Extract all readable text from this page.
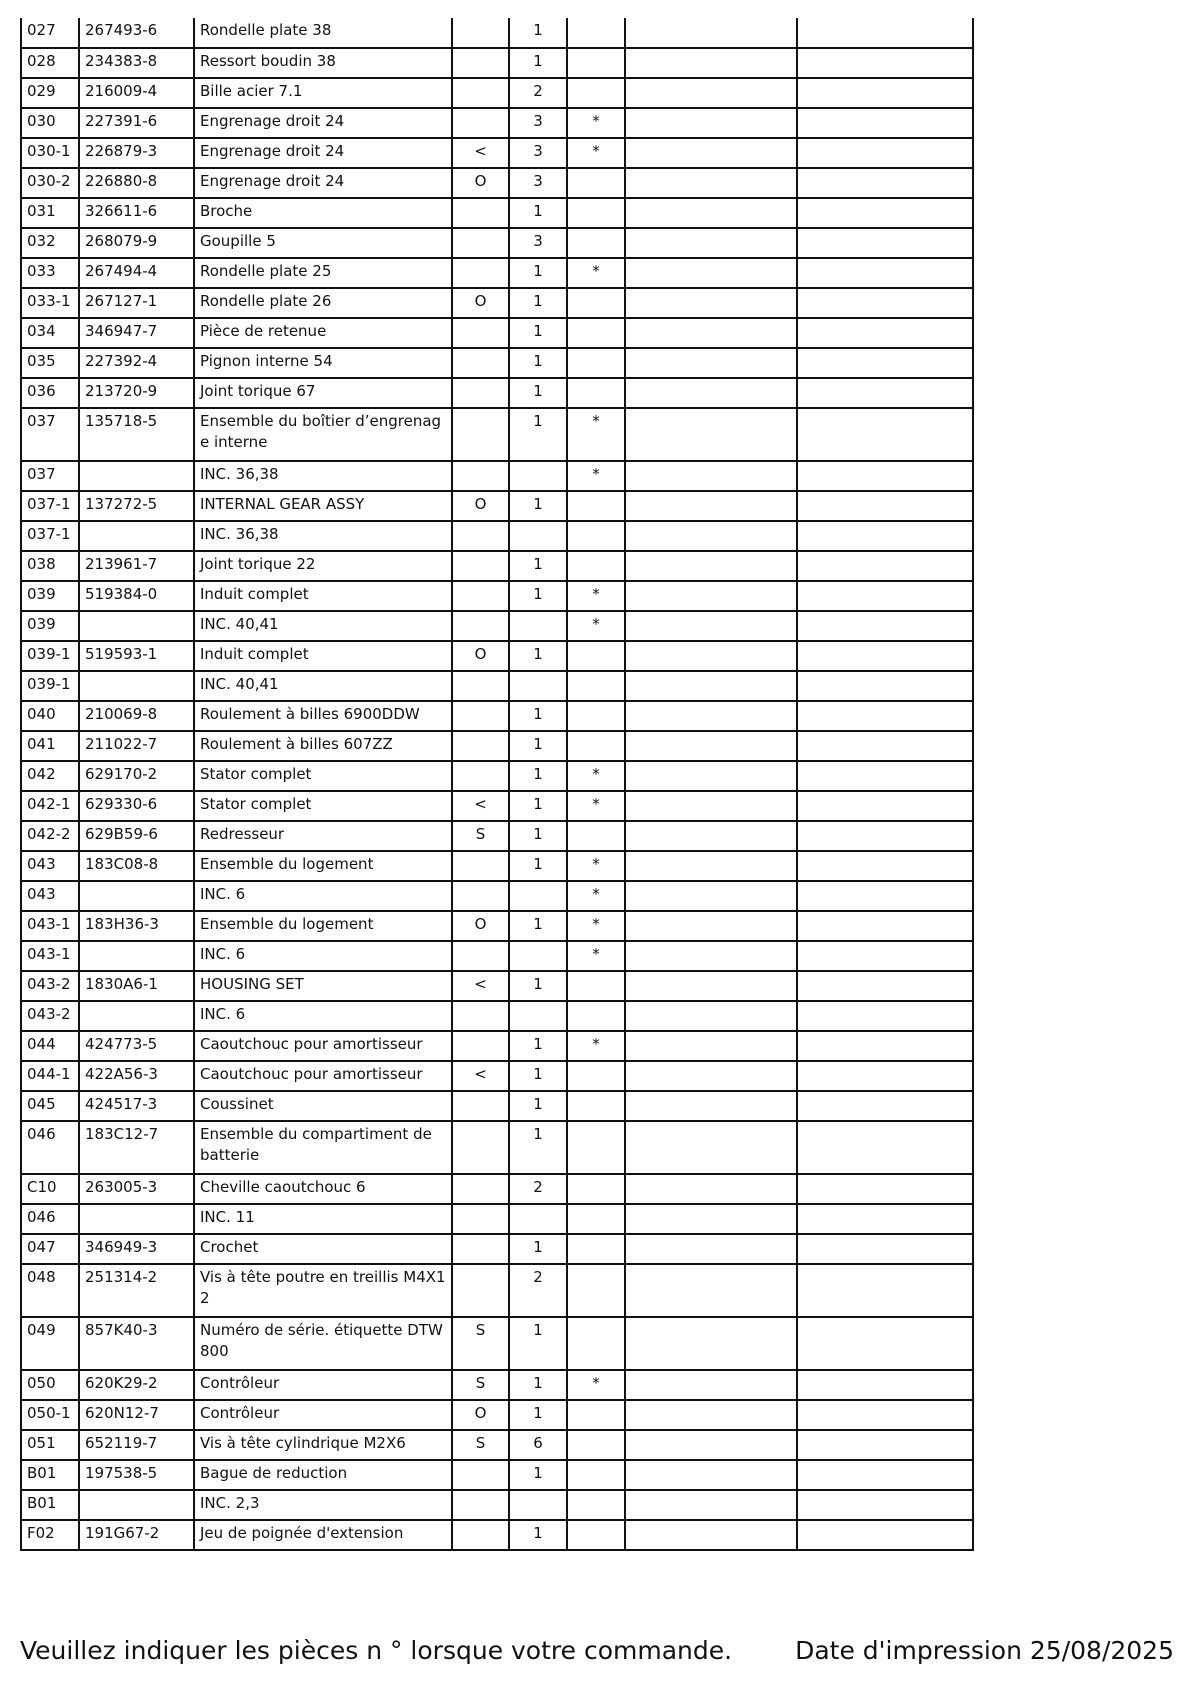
027	267493-6	Rondelle plate 38		1			
028	234383-8	Ressort boudin 38		1			
029	216009-4	Bille acier 7.1		2			
030	227391-6	Engrenage droit 24		3	*		
030-1	226879-3	Engrenage droit 24	<	3	*		
030-2	226880-8	Engrenage droit 24	O	3			
031	326611-6	Broche		1			
032	268079-9	Goupille 5		3			
033	267494-4	Rondelle plate 25		1	*		
033-1	267127-1	Rondelle plate 26	O	1			
034	346947-7	Pièce de retenue		1			
035	227392-4	Pignon interne 54		1			
036	213720-9	Joint torique 67		1			
037	135718-5	Ensemble du boîtier d’engrenage interne		1	*		
037		INC. 36,38			*		
037-1	137272-5	INTERNAL GEAR ASSY	O	1			
037-1		INC. 36,38					
038	213961-7	Joint torique 22		1			
039	519384-0	Induit complet		1	*		
039		INC. 40,41			*		
039-1	519593-1	Induit complet	O	1			
039-1		INC. 40,41					
040	210069-8	Roulement à billes 6900DDW		1			
041	211022-7	Roulement à billes 607ZZ		1			
042	629170-2	Stator complet		1	*		
042-1	629330-6	Stator complet	<	1	*		
042-2	629B59-6	Redresseur	S	1			
043	183C08-8	Ensemble du logement		1	*		
043		INC. 6			*		
043-1	183H36-3	Ensemble du logement	O	1	*		
043-1		INC. 6			*		
043-2	1830A6-1	HOUSING SET	<	1			
043-2		INC. 6					
044	424773-5	Caoutchouc pour amortisseur		1	*		
044-1	422A56-3	Caoutchouc pour amortisseur	<	1			
045	424517-3	Coussinet		1			
046	183C12-7	Ensemble du compartiment de batterie		1			
C10	263005-3	Cheville caoutchouc 6		2			
046		INC. 11					
047	346949-3	Crochet		1			
048	251314-2	Vis à tête poutre en treillis M4X12		2			
049	857K40-3	Numéro de série. étiquette DTW800	S	1			
050	620K29-2	Contrôleur	S	1	*		
050-1	620N12-7	Contrôleur	O	1			
051	652119-7	Vis à tête cylindrique M2X6	S	6			
B01	197538-5	Bague de reduction		1			
B01		INC. 2,3					
F02	191G67-2	Jeu de poignée d'extension		1			
Veuillez indiquer les pièces n ° lorsque votre commande.	Date d'impression 25/08/2025
